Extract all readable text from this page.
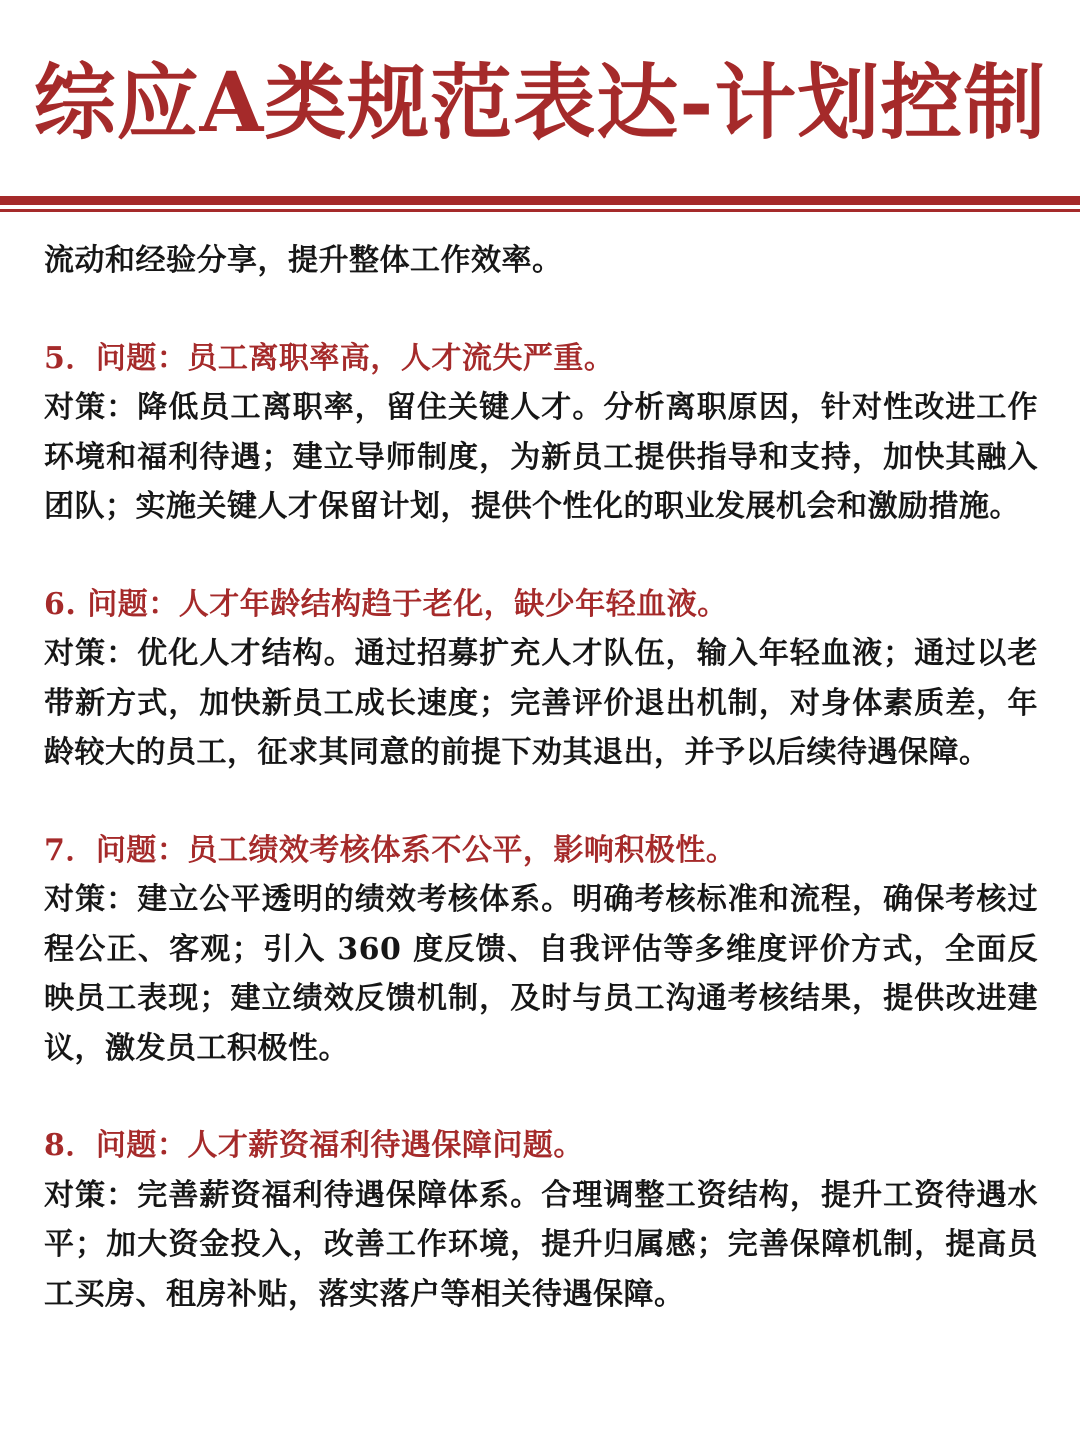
综应A类规范表达-计划控制

流动和经验分享，提升整体工作效率。

5．问题：员工离职率高，人才流失严重。

对策：降低员工离职率，留住关键人才。分析离职原因，针对性改进工作环境和福利待遇；建立导师制度，为新员工提供指导和支持，加快其融入团队；实施关键人才保留计划，提供个性化的职业发展机会和激励措施。

6. 问题：人才年龄结构趋于老化，缺少年轻血液。

对策：优化人才结构。通过招募扩充人才队伍，输入年轻血液；通过以老带新方式，加快新员工成长速度；完善评价退出机制，对身体素质差，年龄较大的员工，征求其同意的前提下劝其退出，并予以后续待遇保障。

7．问题：员工绩效考核体系不公平，影响积极性。

对策：建立公平透明的绩效考核体系。明确考核标准和流程，确保考核过程公正、客观；引入 360 度反馈、自我评估等多维度评价方式，全面反映员工表现；建立绩效反馈机制，及时与员工沟通考核结果，提供改进建议，激发员工积极性。

8．问题：人才薪资福利待遇保障问题。

对策：完善薪资福利待遇保障体系。合理调整工资结构，提升工资待遇水平；加大资金投入，改善工作环境，提升归属感；完善保障机制，提高员工买房、租房补贴，落实落户等相关待遇保障。
